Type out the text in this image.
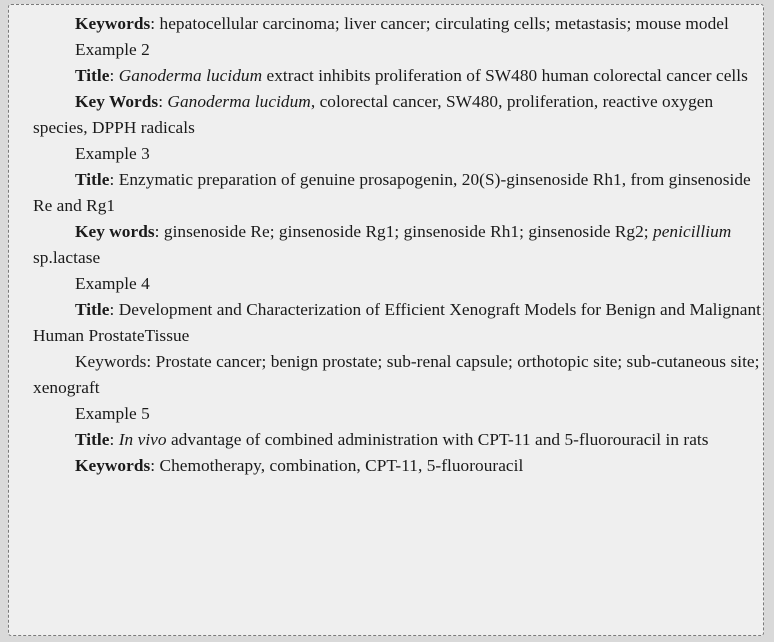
Keywords: hepatocellular carcinoma; liver cancer; circulating cells; metastasis; mouse model

Example 2

Title: Ganoderma lucidum extract inhibits proliferation of SW480 human colorectal cancer cells

Key Words: Ganoderma lucidum, colorectal cancer, SW480, proliferation, reactive oxygen species, DPPH radicals

Example 3

Title: Enzymatic preparation of genuine prosapogenin, 20(S)-ginsenoside Rh1, from ginsenoside Re and Rg1

Key words: ginsenoside Re; ginsenoside Rg1; ginsenoside Rh1; ginsenoside Rg2; penicillium sp.lactase

Example 4

Title: Development and Characterization of Efficient Xenograft Models for Benign and Malignant Human ProstateTissue

Keywords: Prostate cancer; benign prostate; sub-renal capsule; orthotopic site; sub-cutaneous site; xenograft

Example 5

Title: In vivo advantage of combined administration with CPT-11 and 5-fluorouracil in rats

Keywords: Chemotherapy, combination, CPT-11, 5-fluorouracil
